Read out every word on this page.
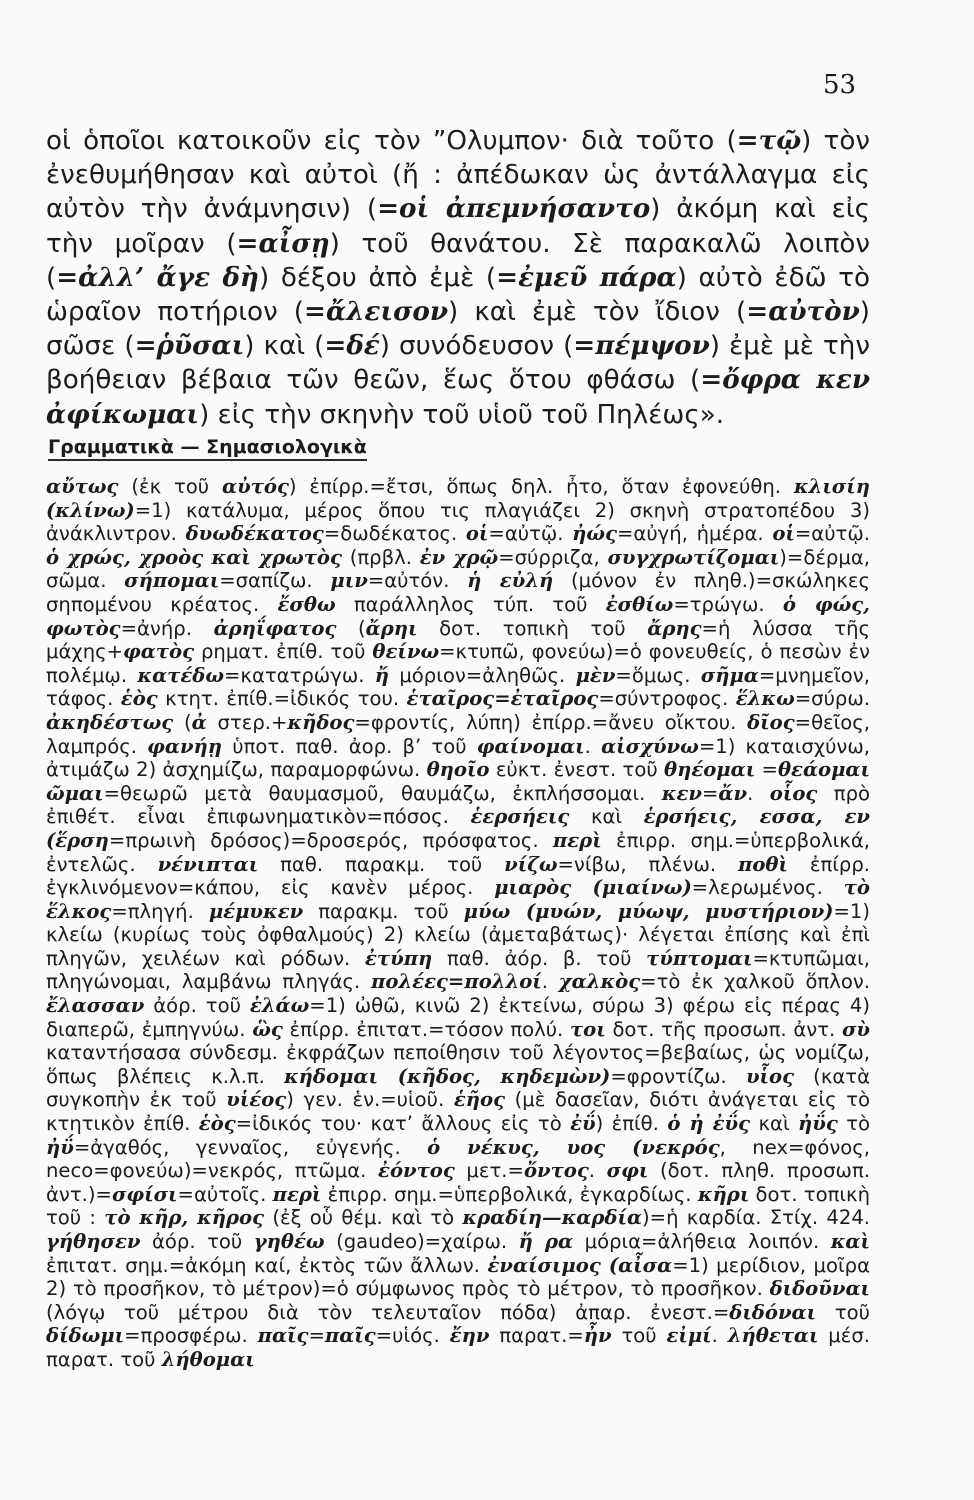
53

οἱ ὁποῖοι κατοικοῦν εἰς τὸν ”Ολυμπον· διὰ τοῦτο (=τῷ) τὸν ἐνεθυμήθησαν καὶ αὐτοὶ (ἤ : ἀπέδωκαν ὡς ἀντάλλαγμα εἰς αὐτὸν τὴν ἀνάμνησιν) (=οἱ ἀπεμνήσαντο) ἀκόμη καὶ εἰς τὴν μοῖραν (=αἶσῃ) τοῦ θανάτου. Σὲ παρακαλῶ λοιπὸν (=ἀλλ’ ἄγε δὴ) δέξου ἀπὸ ἐμὲ (=ἐμεῦ πάρα) αὐτὸ ἐδῶ τὸ ὡραῖον ποτήριον (=ἄλεισον) καὶ ἐμὲ τὸν ἴδιον (=αὐτὸν) σῶσε (=ῥῦσαι) καὶ (=δέ) συνόδευσον (=πέμψον) ἐμὲ μὲ τὴν βοήθειαν βέβαια τῶν θεῶν, ἕως ὅτου φθάσω (=ὄφρα κεν ἀφίκωμαι) εἰς τὴν σκηνὴν τοῦ υἱοῦ τοῦ Πηλέως».

Γραμματικὰ — Σημασιολογικὰ

αὔτως (ἐκ τοῦ αὐτός) ἐπίρρ.=ἔτσι, ὅπως δηλ. ἦτο, ὅταν ἐφονεύθη. κλισίη (κλίνω)=1) κατάλυμα, μέρος ὅπου τις πλαγιάζει 2) σκηνὴ στρατοπέδου 3) ἀνάκλιντρον. δυωδέκατος=δωδέκατος. οἱ=αὐτῷ. ἠώς=αὐγή, ἡμέρα. οἱ=αὐτῷ. ὁ χρώς, χροὸς καὶ χρωτὸς (πρβλ. ἐν χρῷ=σύρριζα, συγχρωτίζομαι)=δέρμα, σῶμα. σήπομαι=σαπίζω. μιν=αὐτόν. ἡ εὐλή (μόνον ἐν πληθ.)=σκώληκες σηπομένου κρέατος. ἔσθω παράλληλος τύπ. τοῦ ἐσθίω=τρώγω. ὁ φώς, φωτὸς=ἀνήρ. ἀρηΐφατος (ἄρηι δοτ. τοπικὴ τοῦ ἄρης=ἡ λύσσα τῆς μάχης+φατὸς ρηματ. ἐπίθ. τοῦ θείνω=κτυπῶ, φονεύω)=ὁ φονευθείς, ὁ πεσὼν ἐν πολέμῳ. κατέδω=κατατρώγω. ἤ μόριον=ἀληθῶς. μὲν=ὅμως. σῆμα=μνημεῖον, τάφος. ἑὸς κτητ. ἐπίθ.=ἰδικός του. ἑταῖρος=ἐταῖρος=σύντροφος. ἕλκω=σύρω. ἀκηδέστως (ἀ στερ.+κῆδος=φροντίς, λύπη) ἐπίρρ.=ἄνευ οἴκτου. δῖος=θεῖος, λαμπρός. φανήῃ ὑποτ. παθ. ἀορ. β’ τοῦ φαίνομαι. αἰσχύνω=1) καταισχύνω, ἀτιμάζω 2) ἀσχημίζω, παραμορφώνω. θηοῖο εὐκτ. ἐνεστ. τοῦ θηέομαι =θεάομαι ῶμαι=θεωρῶ μετὰ θαυμασμοῦ, θαυμάζω, ἐκπλήσσομαι. κεν=ἄν. οἷος πρὸ ἐπιθέτ. εἶναι ἐπιφωνηματικὸν=πόσος. ἑερσήεις καὶ ἑρσήεις, εσσα, εν (ἕρση=πρωινὴ δρόσος)=δροσερός, πρόσφατος. περὶ ἐπιρρ. σημ.=ὑπερβολικά, ἐντελῶς. νένιπται παθ. παρακμ. τοῦ νίζω=νίβω, πλένω. ποθὶ ἐπίρρ. ἐγκλινόμενον=κάπου, εἰς κανὲν μέρος. μιαρὸς (μιαίνω)=λερωμένος. τὸ ἕλκος=πληγή. μέμυκεν παρακμ. τοῦ μύω (μυών, μύωψ, μυστήριον)=1) κλείω (κυρίως τοὺς ὀφθαλμούς) 2) κλείω (ἀμεταβάτως)· λέγεται ἐπίσης καὶ ἐπὶ πληγῶν, χειλέων καὶ ρόδων. ἐτύπη παθ. ἀόρ. β. τοῦ τύπτομαι=κτυπῶμαι, πληγώνομαι, λαμβάνω πληγάς. πολέες=πολλοί. χαλκὸς=τὸ ἐκ χαλκοῦ ὅπλον. ἔλασσαν ἀόρ. τοῦ ἐλάω=1) ὠθῶ, κινῶ 2) ἐκτείνω, σύρω 3) φέρω εἰς πέρας 4) διαπερῶ, ἐμπηγνύω. ὣς ἐπίρρ. ἐπιτατ.=τόσον πολύ. τοι δοτ. τῆς προσωπ. ἀντ. σὺ καταντήσασα σύνδεσμ. ἐκφράζων πεποίθησιν τοῦ λέγοντος=βεβαίως, ὡς νομίζω, ὅπως βλέπεις κ.λ.π. κήδομαι (κῆδος, κηδεμὼν)=φροντίζω. υἷος (κατὰ συγκοπὴν ἐκ τοῦ υἱέος) γεν. ἑν.=υἱοῦ. ἑῆος (μὲ δασεῖαν, διότι ἀνάγεται εἰς τὸ κτητικὸν ἐπίθ. ἑὸς=ἰδικός του· κατ’ ἄλλους εἰς τὸ ἐΰ) ἐπίθ. ὁ ἠ ἐΰς καὶ ἠΰς τὸ ἠΰ=ἀγαθός, γενναῖος, εὐγενής. ὁ νέκυς, υος (νεκρός, nex=φόνος, neco=φονεύω)=νεκρός, πτῶμα. ἐόντος μετ.=ὄντος. σφι (δοτ. πληθ. προσωπ. ἀντ.)=σφίσι=αὐτοῖς. περὶ ἐπιρρ. σημ.=ὑπερβολικά, ἐγκαρδίως. κῆρι δοτ. τοπικὴ τοῦ : τὸ κῆρ, κῆρος (ἐξ οὗ θέμ. καὶ τὸ κραδίη—καρδία)=ἡ καρδία. Στίχ. 424. γήθησεν ἀόρ. τοῦ γηθέω (gaudeo)=χαίρω. ἤ ρα μόρια=ἀλήθεια λοιπόν. καὶ ἐπιτατ. σημ.=ἀκόμη καί, ἐκτὸς τῶν ἄλλων. ἐναίσιμος (αἶσα=1) μερίδιον, μοῖρα 2) τὸ προσῆκον, τὸ μέτρον)=ὁ σύμφωνος πρὸς τὸ μέτρον, τὸ προσῆκον. διδοῦναι (λόγῳ τοῦ μέτρου διὰ τὸν τελευταῖον πόδα) ἀπαρ. ἐνεστ.=διδόναι τοῦ δίδωμι=προσφέρω. παῖς=παῖς=υἱός. ἔην παρατ.=ἦν τοῦ εἰμί. λήθεται μέσ. παρατ. τοῦ λήθομαι
